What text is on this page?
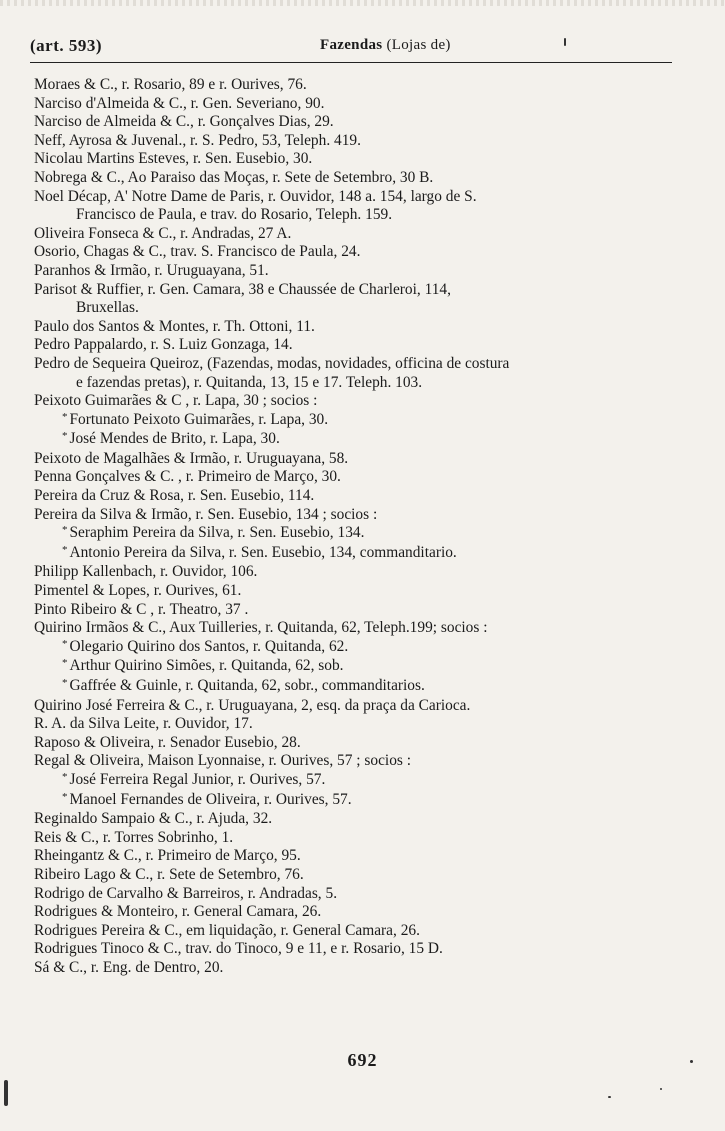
(art. 593)	Fazendas (Lojas de)
Moraes & C., r. Rosario, 89 e r. Ourives, 76.
Narciso d'Almeida & C., r. Gen. Severiano, 90.
Narciso de Almeida & C., r. Gonçalves Dias, 29.
Neff, Ayrosa & Juvenal., r. S. Pedro, 53, Teleph. 419.
Nicolau Martins Esteves, r. Sen. Eusebio, 30.
Nobrega & C., Ao Paraiso das Moças, r. Sete de Setembro, 30 B.
Noel Décap, A' Notre Dame de Paris, r. Ouvidor, 148 a. 154, largo de S.
Francisco de Paula, e trav. do Rosario, Teleph. 159.
Oliveira Fonseca & C., r. Andradas, 27 A.
Osorio, Chagas & C., trav. S. Francisco de Paula, 24.
Paranhos & Irmão, r. Uruguayana, 51.
Parisot & Ruffier, r. Gen. Camara, 38 e Chaussée de Charleroi, 114,
Bruxellas.
Paulo dos Santos & Montes, r. Th. Ottoni, 11.
Pedro Pappalardo, r. S. Luiz Gonzaga, 14.
Pedro de Sequeira Queiroz, (Fazendas, modas, novidades, officina de costura
e fazendas pretas), r. Quitanda, 13, 15 e 17. Teleph. 103.
Peixoto Guimarães & C , r. Lapa, 30 ; socios :
* Fortunato Peixoto Guimarães, r. Lapa, 30.
* José Mendes de Brito, r. Lapa, 30.
Peixoto de Magalhães & Irmão, r. Uruguayana, 58.
Penna Gonçalves & C. , r. Primeiro de Março, 30.
Pereira da Cruz & Rosa, r. Sen. Eusebio, 114.
Pereira da Silva & Irmão, r. Sen. Eusebio, 134 ; socios :
* Seraphim Pereira da Silva, r. Sen. Eusebio, 134.
* Antonio Pereira da Silva, r. Sen. Eusebio, 134, commanditario.
Philipp Kallenbach, r. Ouvidor, 106.
Pimentel & Lopes, r. Ourives, 61.
Pinto Ribeiro & C , r. Theatro, 37 .
Quirino Irmãos & C., Aux Tuilleries, r. Quitanda, 62, Teleph.199; socios :
* Olegario Quirino dos Santos, r. Quitanda, 62.
* Arthur Quirino Simões, r. Quitanda, 62, sob.
* Gaffrée & Guinle, r. Quitanda, 62, sobr., commanditarios.
Quirino José Ferreira & C., r. Uruguayana, 2, esq. da praça da Carioca.
R. A. da Silva Leite, r. Ouvidor, 17.
Raposo & Oliveira, r. Senador Eusebio, 28.
Regal & Oliveira, Maison Lyonnaise, r. Ourives, 57 ; socios :
* José Ferreira Regal Junior, r. Ourives, 57.
* Manoel Fernandes de Oliveira, r. Ourives, 57.
Reginaldo Sampaio & C., r. Ajuda, 32.
Reis & C., r. Torres Sobrinho, 1.
Rheingantz & C., r. Primeiro de Março, 95.
Ribeiro Lago & C., r. Sete de Setembro, 76.
Rodrigo de Carvalho & Barreiros, r. Andradas, 5.
Rodrigues & Monteiro, r. General Camara, 26.
Rodrigues Pereira & C., em liquidação, r. General Camara, 26.
Rodrigues Tinoco & C., trav. do Tinoco, 9 e 11, e r. Rosario, 15 D.
Sá & C., r. Eng. de Dentro, 20.
692
